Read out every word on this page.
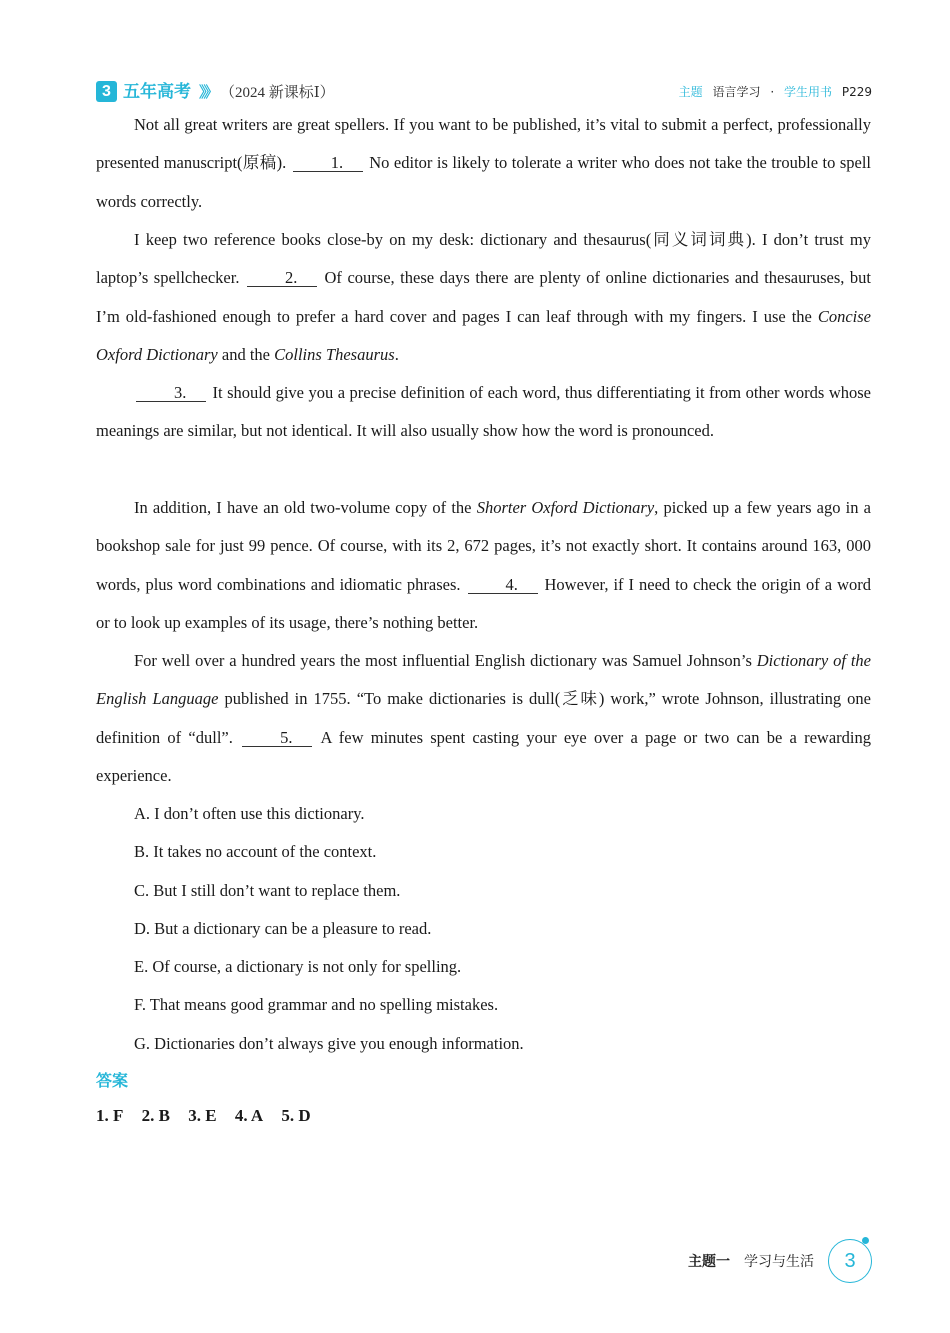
3 五年高考 》》 （2024 新课标Ⅰ）	主题 语言学习 · 学生用书 P229

Not all great writers are great spellers. If you want to be published, it’s vital to submit a perfect, professionally presented manuscript(原稿).	1. No editor is likely to tolerate a writer who does not take the trouble to spell words correctly.

I keep two reference books close-by on my desk: dictionary and thesaurus(同义词词典). I don’t trust my laptop’s spellchecker.	2. Of course, these days there are plenty of online dictionaries and thesauruses, but I’m old-fashioned enough to prefer a hard cover and pages I can leaf through with my fingers. I use the Concise Oxford Dictionary and the Collins Thesaurus.

3. It should give you a precise definition of each word, thus differentiating it from other words whose meanings are similar, but not identical. It will also usually show how the word is pronounced.

In addition, I have an old two-volume copy of the Shorter Oxford Dictionary, picked up a few years ago in a bookshop sale for just 99 pence. Of course, with its 2, 672 pages, it’s not exactly short. It contains around 163, 000 words, plus word combinations and idiomatic phrases.	4. However, if I need to check the origin of a word or to look up examples of its usage, there’s nothing better.

For well over a hundred years the most influential English dictionary was Samuel Johnson’s Dictionary of the English Language published in 1755. “To make dictionaries is dull(乏味) work,” wrote Johnson, illustrating one definition of “dull”.	5. A few minutes spent casting your eye over a page or two can be a rewarding experience.

A. I don’t often use this dictionary.
B. It takes no account of the context.
C. But I still don’t want to replace them.
D. But a dictionary can be a pleasure to read.
E. Of course, a dictionary is not only for spelling.
F. That means good grammar and no spelling mistakes.
G. Dictionaries don’t always give you enough information.
答案
1. F 2. B 3. E 4. A 5. D
主题一 学习与生活	3
